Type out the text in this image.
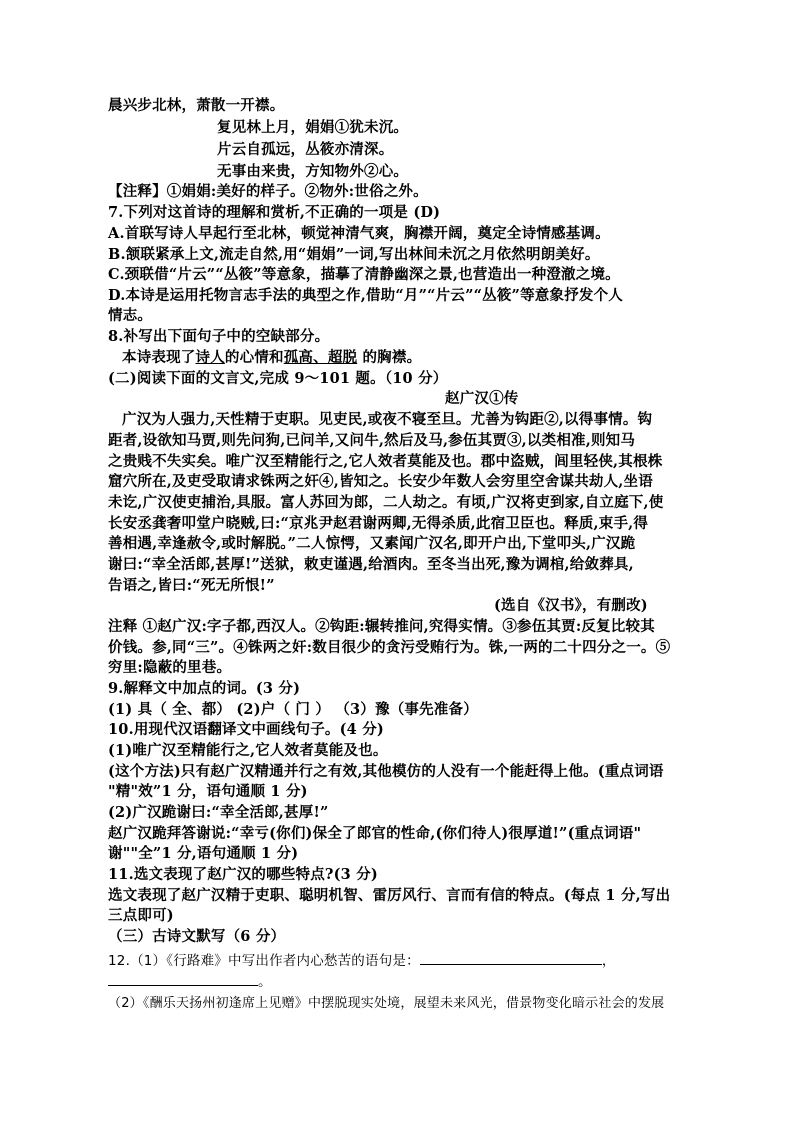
晨兴步北林，萧散一开襟。
复见林上月，娟娟①犹未沉。
片云自孤远，丛筱亦清深。
无事由来贵，方知物外②心。
【注释】①娟娟:美好的样子。②物外:世俗之外。
7.下列对这首诗的理解和赏析,不正确的一项是 (D)
A.首联写诗人早起行至北林，顿觉神清气爽，胸襟开阔，奠定全诗情感基调。
B.颔联紧承上文,流走自然,用“娟娟”一词,写出林间未沉之月依然明朗美好。
C.颈联借“片云”“丛筱”等意象，描摹了清静幽深之景,也营造出一种澄澈之境。
D.本诗是运用托物言志手法的典型之作,借助“月”“片云”“丛筱”等意象抒发个人
情志。
8.补写出下面句子中的空缺部分。
本诗表现了诗人的心情和孤高、超脱 的胸襟。
(二)阅读下面的文言文,完成 9～101 题。（10 分）
赵广汉①传
广汉为人强力,天性精于吏职。见吏民,或夜不寝至旦。尤善为钩距②,以得事情。钩
距者,设欲知马贾,则先问狗,已问羊,又问牛,然后及马,参伍其贾③,以类相准,则知马
之贵贱不失实矣。唯广汉至精能行之,它人效者莫能及也。郡中盗贼，闾里轻侠,其根株
窟穴所在,及吏受取请求铢两之奸④,皆知之。长安少年数人会穷里空舍谋共劫人,坐语
未讫,广汉使吏捕治,具服。富人苏回为郎，二人劫之。有顷,广汉将吏到家,自立庭下,使
长安丞龚奢叩堂户晓贼,曰:“京兆尹赵君谢两卿,无得杀质,此宿卫臣也。释质,束手,得
善相遇,幸逢赦令,或时解脱。”二人惊愕，又素闻广汉名,即开户出,下堂叩头,广汉跪
谢曰:“幸全活郎,甚厚!”送狱，敕吏谨遇,给酒肉。至冬当出死,豫为调棺,给敛葬具,
告语之,皆曰:“死无所恨!”
(选自《汉书》，有删改)
注释 ①赵广汉:字子都,西汉人。②钩距:辗转推问,究得实情。③参伍其贾:反复比较其
价钱。参,同“三”。④铢两之奸:数目很少的贪污受贿行为。铢,一两的二十四分之一。⑤
穷里:隐蔽的里巷。
9.解释文中加点的词。(3 分)
(1) 具（ 全、都） (2)户（ 门 ） （3）豫（事先准备）
10.用现代汉语翻译文中画线句子。(4 分)
(1)唯广汉至精能行之,它人效者莫能及也。
(这个方法)只有赵广汉精通并行之有效,其他模仿的人没有一个能赶得上他。(重点词语
"精"效”1 分，语句通顺 1 分)
(2)广汉跪谢曰:“幸全活郎,甚厚!”
赵广汉跪拜答谢说:“幸亏(你们)保全了郎官的性命,(你们待人)很厚道!”(重点词语"
谢""全”1 分,语句通顺 1 分)
11.选文表现了赵广汉的哪些特点?(3 分)
选文表现了赵广汉精于吏职、聪明机智、雷厉风行、言而有信的特点。(每点 1 分,写出
三点即可)
（三）古诗文默写（6 分）
12.（1）《行路难》中写出作者内心愁苦的语句是：	，
。
（2）《酬乐天扬州初逢席上见赠》中摆脱现实处境，展望未来风光，借景物变化暗示社会的发展
